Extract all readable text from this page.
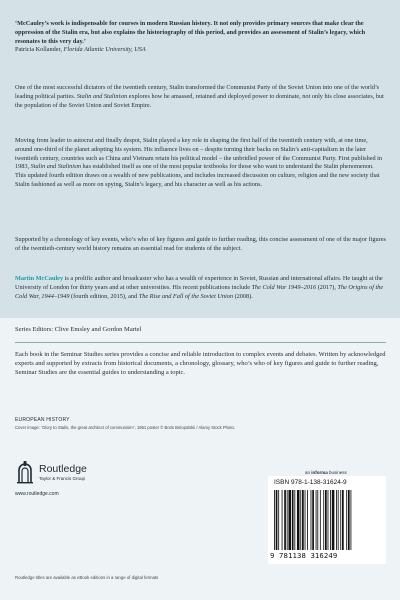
‘McCauley’s work is indispensable for courses in modern Russian history. It not only provides primary sources that make clear the oppression of the Stalin era, but also explains the historiography of this period, and provides an assessment of Stalin’s legacy, which resonates to this very day.’

Patricia Kollander, Florida Atlantic University, USA

One of the most successful dictators of the twentieth century, Stalin transformed the Communist Party of the Soviet Union into one of the world’s leading political parties. Stalin and Stalinism explores how he amassed, retained and deployed power to dominate, not only his close associates, but the population of the Soviet Union and Soviet Empire.

Moving from leader to autocrat and finally despot, Stalin played a key role in shaping the first half of the twentieth century with, at one time, around one-third of the planet adopting his system. His influence lives on – despite turning their backs on Stalin’s anti-capitalism in the later twentieth century, countries such as China and Vietnam retain his political model – the unbridled power of the Communist Party. First published in 1983, Stalin and Stalinism has established itself as one of the most popular textbooks for those who want to understand the Stalin phenomenon. This updated fourth edition draws on a wealth of new publications, and includes increased discussion on culture, religion and the new society that Stalin fashioned as well as more on spying, Stalin’s legacy, and his character as well as his actions.

Supported by a chronology of key events, who’s who of key figures and guide to further reading, this concise assessment of one of the major figures of the twentieth-century world history remains an essential read for students of the subject.

Martin McCauley is a prolific author and broadcaster who has a wealth of experience in Soviet, Russian and international affairs. He taught at the University of London for thirty years and at other universities. His recent publications include The Cold War 1949–2016 (2017), The Origins of the Cold War, 1944–1949 (fourth edition, 2015), and The Rise and Fall of the Soviet Union (2008).

Series Editors: Clive Emsley and Gordon Martel

Each book in the Seminar Studies series provides a concise and reliable introduction to complex events and debates. Written by acknowledged experts and supported by extracts from historical documents, a chronology, glossary, who’s who of key figures and guide to further reading, Seminar Studies are the essential guides to understanding a topic.

EUROPEAN HISTORY
Cover image: ‘Glory to Stalin, the great architect of communism!’, 1951 poster © Boris Belopolskii / Alamy Stock Photo.
Routledge
Taylor & Francis Group
www.routledge.com
an informa business
ISBN 978-1-138-31624-9
9 781138 316249
Routledge titles are available as eBook editions in a range of digital formats
